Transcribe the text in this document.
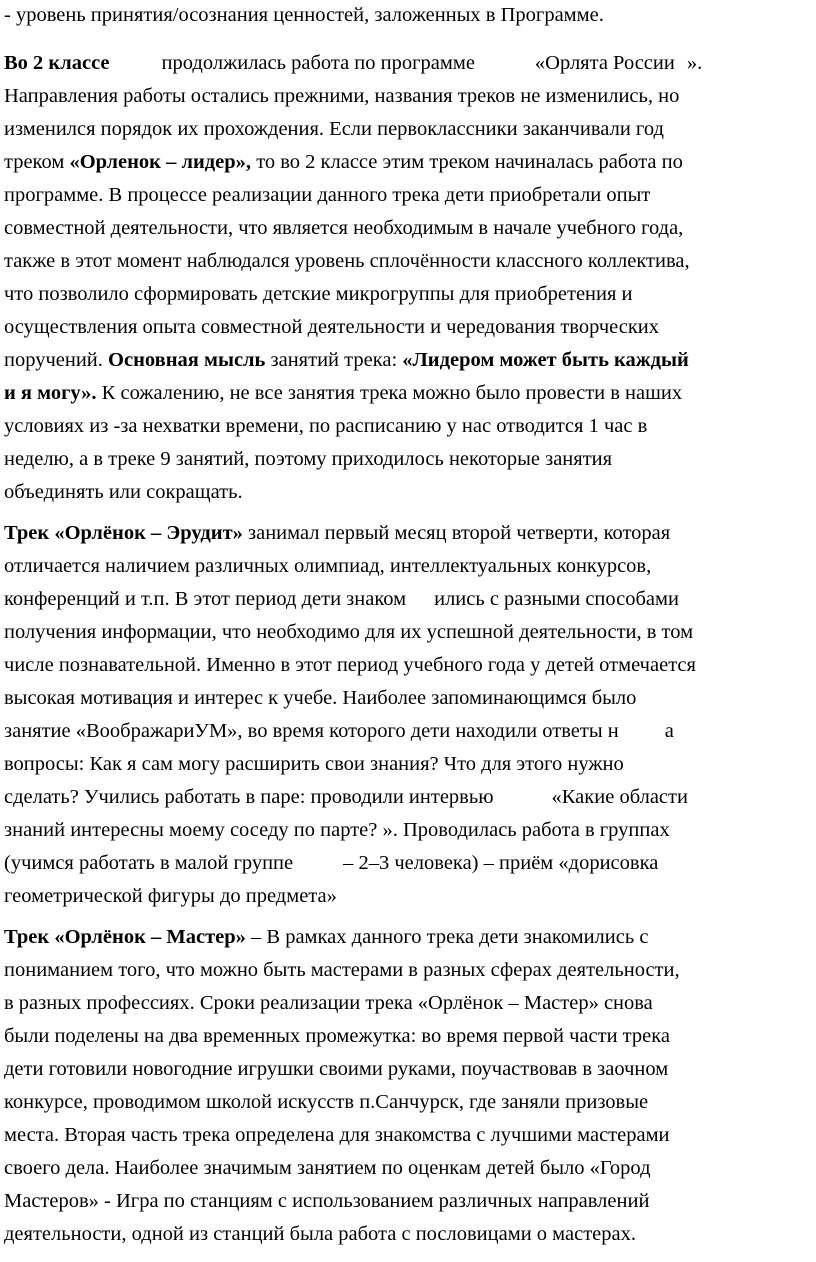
- уровень принятия/осознания ценностей, заложенных в Программе.
Во 2 классе	продолжилась работа по программе	«Орлята России ».
Направления работы остались прежними, названия треков не изменились, но
изменился порядок их прохождения. Если первоклассники заканчивали год
треком «Орленок – лидер», то во 2 классе этим треком начиналась работа по
программе. В процессе реализации данного трека дети приобретали опыт
совместной деятельности, что является необходимым в начале учебного года,
также в этот момент наблюдался уровень сплочённости классного коллектива,
что позволило сформировать детские микрогруппы для приобретения и
осуществления опыта совместной деятельности и чередования творческих
поручений. Основная мысль занятий трека: «Лидером может быть каждый
и я могу». К сожалению, не все занятия трека можно было провести в наших
условиях из -за нехватки времени, по расписанию у нас отводится 1 час в
неделю, а в треке 9 занятий, поэтому приходилось некоторые занятия
объединять или сокращать.
Трек «Орлёнок – Эрудит» занимал первый месяц второй четверти, которая
отличается наличием различных олимпиад, интеллектуальных конкурсов,
конференций и т.п. В этот период дети знаком ились с разными способами
получения информации, что необходимо для их успешной деятельности, в том
числе познавательной. Именно в этот период учебного года у детей отмечается
высокая мотивация и интерес к учебе. Наиболее запоминающимся было
занятие «ВоображариУМ», во время которого дети находили ответы н а
вопросы: Как я сам могу расширить свои знания? Что для этого нужно
сделать? Учились работать в паре: проводили интервью	«Какие области
знаний интересны моему соседу по парте? ». Проводилась работа в группах
(учимся работать в малой группе – 2–3 человека) – приём «дорисовка
геометрической фигуры до предмета»
Трек «Орлёнок – Мастер» – В рамках данного трека дети знакомились с
пониманием того, что можно быть мастерами в разных сферах деятельности,
в разных профессиях. Сроки реализации трека «Орлёнок – Мастер» снова
были поделены на два временных промежутка: во время первой части трека
дети готовили новогодние игрушки своими руками, поучаствовав в заочном
конкурсе, проводимом школой искусств п.Санчурск, где заняли призовые
места. Вторая часть трека определена для знакомства с лучшими мастерами
своего дела. Наиболее значимым занятием по оценкам детей было «Город
Мастеров» - Игра по станциям с использованием различных направлений
деятельности, одной из станций была работа с пословицами о мастерах.
